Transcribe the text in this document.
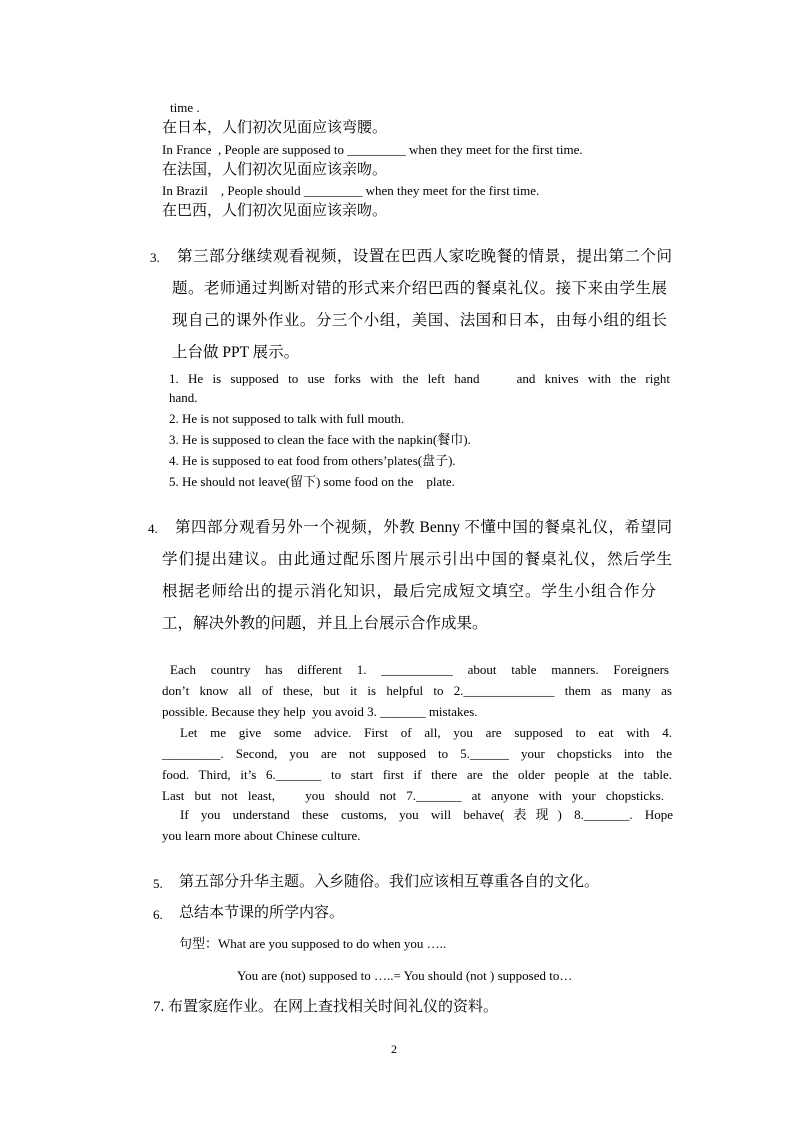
time .
在日本，人们初次见面应该弯腰。
In France  , People are supposed to _________ when they meet for the first time.
在法国，人们初次见面应该亲吻。
In Brazil    , People should _________ when they meet for the first time.
在巴西，人们初次见面应该亲吻。
3. 第三部分继续观看视频，设置在巴西人家吃晚餐的情景，提出第二个问
题。老师通过判断对错的形式来介绍巴西的餐桌礼仪。接下来由学生展
现自己的课外作业。分三个小组，美国、法国和日本，由每小组的组长
上台做 PPT 展示。
1. He is supposed to use forks with the left hand    and knives with the right
hand.
2. He is not supposed to talk with full mouth.
3. He is supposed to clean the face with the napkin(餐巾).
4. He is supposed to eat food from others’plates(盘子).
5. He should not leave(留下) some food on the    plate.
4. 第四部分观看另外一个视频，外教 Benny 不懂中国的餐桌礼仪，希望同
学们提出建议。由此通过配乐图片展示引出中国的餐桌礼仪，然后学生
根据老师给出的提示消化知识，最后完成短文填空。学生小组合作分
工，解决外教的问题，并且上台展示合作成果。
Each country has different 1. ___________ about table manners. Foreigners
don’t know all of these, but it is helpful to 2.______________ them as many as
possible. Because they help  you avoid 3. _______ mistakes.
Let me give some advice. First of all, you are supposed to eat with 4.
_________. Second, you are not supposed to 5.______ your chopsticks into the
food. Third, it’s 6._______ to start first if there are the older people at the table.
Last but not least,   you should not 7._______ at anyone with your chopsticks.
If you understand these customs, you will behave(表现) 8._______. Hope
you learn more about Chinese culture.
5. 第五部分升华主题。入乡随俗。我们应该相互尊重各自的文化。
6. 总结本节课的所学内容。
句型：What are you supposed to do when you …..
You are (not) supposed to …..= You should (not ) supposed to…
7. 布置家庭作业。在网上查找相关时间礼仪的资料。
2
